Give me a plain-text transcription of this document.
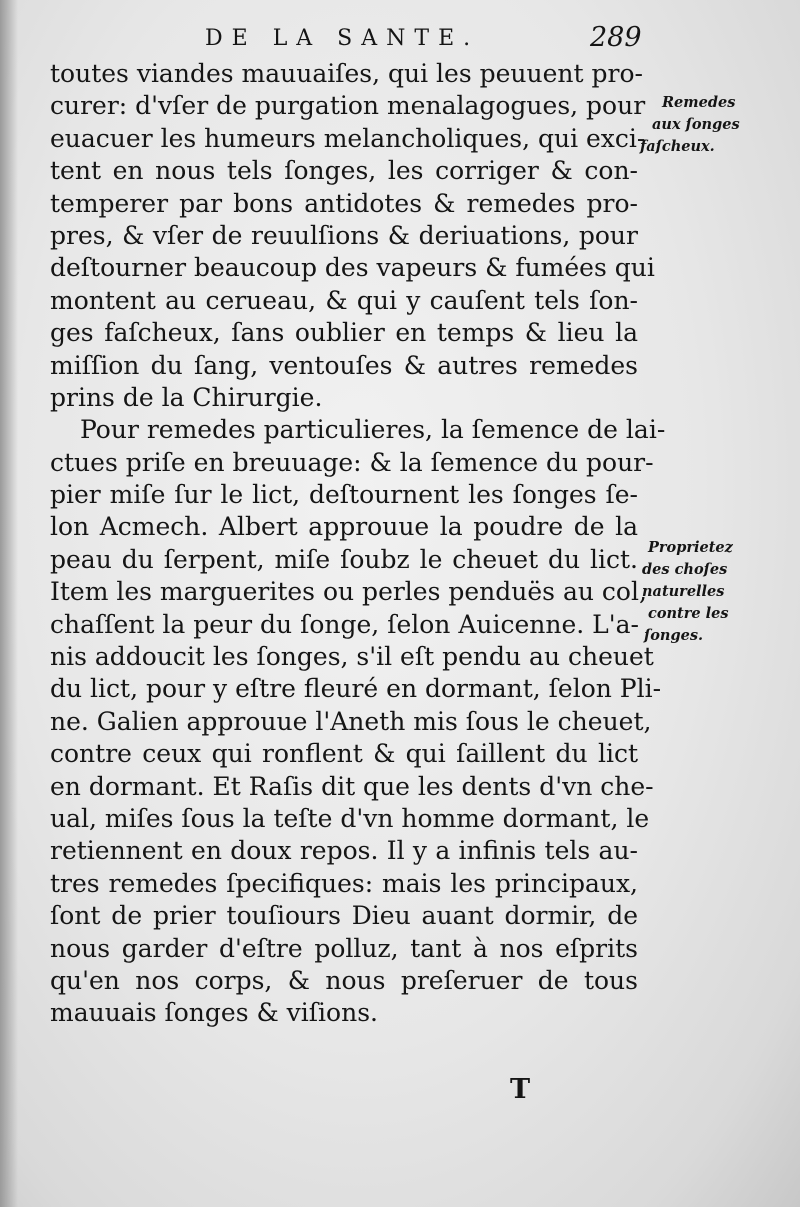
DE LA SANTE.	289
toutes viandes mauuaiſes, qui les peuuent pro-
curer: d'vſer de purgation menalagogues, pour
euacuer les humeurs melancholiques, qui exci-
tent en nous tels ſonges, les corriger & con-
temperer par bons antidotes & remedes pro-
pres, & vſer de reuulſions & deriuations, pour
deſtourner beaucoup des vapeurs & fumées qui
montent au cerueau, & qui y cauſent tels ſon-
ges faſcheux, ſans oublier en temps & lieu la
miſſion du ſang, ventouſes & autres remedes
prins de la Chirurgie.
Pour remedes particulieres, la ſemence de lai-
ctues priſe en breuuage: & la ſemence du pour-
pier miſe ſur le lict, deſtournent les ſonges ſe-
lon Acmech. Albert approuue la poudre de la
peau du ſerpent, miſe ſoubz le cheuet du lict.
Item les marguerites ou perles penduës au col,
chaſſent la peur du ſonge, ſelon Auicenne. L'a-
nis addoucit les ſonges, s'il eſt pendu au cheuet
du lict, pour y eſtre fleuré en dormant, ſelon Pli-
ne. Galien approuue l'Aneth mis ſous le cheuet,
contre ceux qui ronflent & qui ſaillent du lict
en dormant. Et Raſis dit que les dents d'vn che-
ual, miſes ſous la teſte d'vn homme dormant, le
retiennent en doux repos. Il y a infinis tels au-
tres remedes ſpecifiques: mais les principaux,
ſont de prier touſiours Dieu auant dormir, de
nous garder d'eſtre polluz, tant à nos eſprits
qu'en nos corps, & nous preſeruer de tous
mauuais ſonges & viſions.
Remedes
aux ſonges
faſcheux.
Proprietez
des choſes
naturelles
contre les
ſonges.
T
